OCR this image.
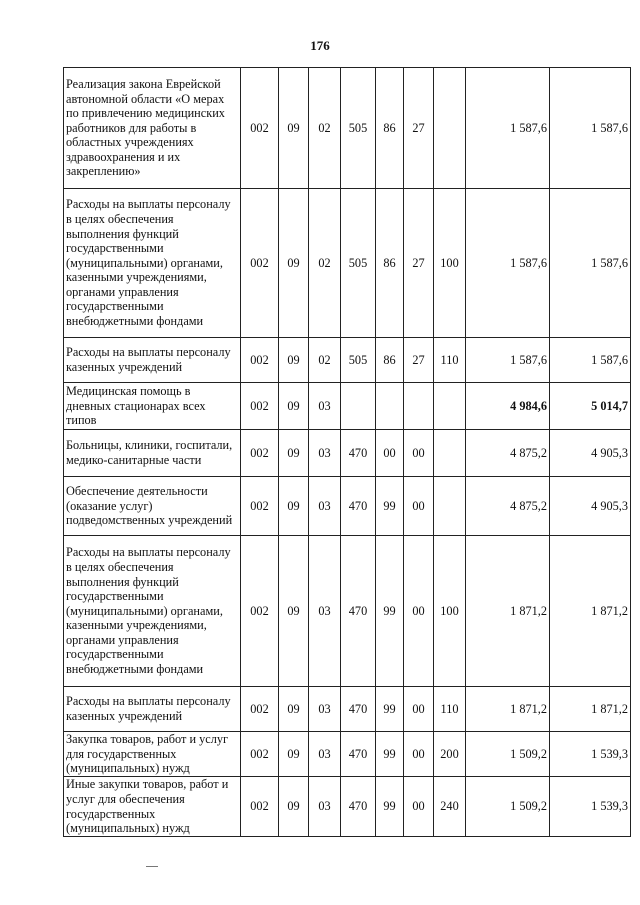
176
Реализация закона Еврейской автономной области «О мерах по привлечению медицинских работников для работы в областных учреждениях здравоохранения и их закреплению»	002	09	02	505	86	27		1 587,6	1 587,6
Расходы на выплаты персоналу в целях обеспечения выполнения функций государственными (муниципальными) органами, казенными учреждениями, органами управления государственными внебюджетными фондами	002	09	02	505	86	27	100	1 587,6	1 587,6
Расходы на выплаты персоналу казенных учреждений	002	09	02	505	86	27	110	1 587,6	1 587,6
Медицинская помощь в дневных стационарах всех типов	002	09	03					4 984,6	5 014,7
Больницы, клиники, госпитали, медико-санитарные части	002	09	03	470	00	00		4 875,2	4 905,3
Обеспечение деятельности (оказание услуг) подведомственных учреждений	002	09	03	470	99	00		4 875,2	4 905,3
Расходы на выплаты персоналу в целях обеспечения выполнения функций государственными (муниципальными) органами, казенными учреждениями, органами управления государственными внебюджетными фондами	002	09	03	470	99	00	100	1 871,2	1 871,2
Расходы на выплаты персоналу казенных учреждений	002	09	03	470	99	00	110	1 871,2	1 871,2
Закупка товаров, работ и услуг для государственных (муниципальных) нужд	002	09	03	470	99	00	200	1 509,2	1 539,3
Иные закупки товаров, работ и услуг для обеспечения государственных (муниципальных) нужд	002	09	03	470	99	00	240	1 509,2	1 539,3
